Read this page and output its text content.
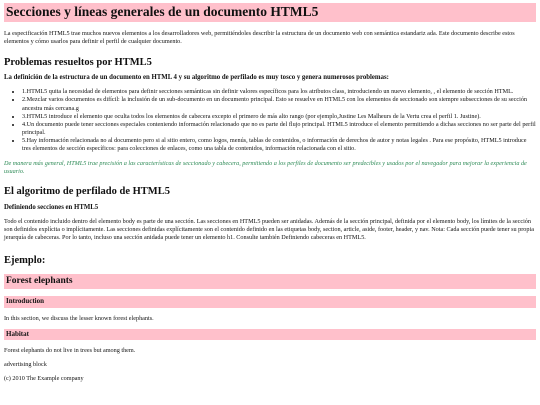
Secciones y líneas generales de un documento HTML5

La especificación HTML5 trae muchos nuevos elementos a los desarrolladores web, permitiéndoles describir la estructura de un documento web con semántica estandariz ada. Este documento describe estos elementos y cómo usarlos para definir el perfil de cualquier documento.

Problemas resueltos por HTML5
La definición de la estructura de un documento en HTML 4 y su algoritmo de perfilado es muy tosco y genera numerosos problemas:
• 1.HTML5 quita la necesidad de elementos para definir secciones semánticas sin definir valores específicos para los atributos class, introduciendo un nuevo elemento, , el elemento de sección HTML.
• 2.Mezclar varios documentos es difícil: la inclusión de un sub-documento en un documento principal. Esto se resuelve en HTML5 con los elementos de seccionado son siempre subsecciones de su sección ancestra más cercana.g
• 3.HTML5 introduce el elemento que oculta todos los elementos de cabecera excepto el primero de más alto rango (por ejemplo,Justine Les Malheurs de la Vertu crea el perfil 1. Justine).
• 4.Un documento puede tener secciones especiales conteniendo información relacionado que no es parte del flujo principal. HTML5 introduce el elemento permitiendo a dichas secciones no ser parte del perfil principal.
• 5.Hay información relacionada no al documento pero si al sitio entero, como logos, menús, tablas de contenidos, o información de derechos de autor y notas legales . Para ese propósito, HTML5 introduce tres elementos de sección específicos: para colecciones de enlaces, como una tabla de contenidos, información relacionada con el sitio.

De manera más general, HTML5 trae precisión a las características de seccionado y cabecera, permitiendo a los perfiles de documento ser predecibles y usados por el navegador para mejorar la experiencia de usuario.

El algoritmo de perfilado de HTML5
Definiendo secciones en HTML5

Todo el contenido incluido dentro del elemento body es parte de una sección. Las secciones en HTML5 pueden ser anidadas. Además de la sección principal, definida por el elemento body, los límites de la sección son definidos explícita o implícitamente. Las secciones definidas explícitamente son el contenido definido en las etiquetas body, section, article, aside, footer, header, y nav. Nota: Cada sección puede tener su propia jerarquía de cabeceras. Por lo tanto, incluso una sección anidada puede tener un elemento h1. Consulte también Definiendo cabeceras en HTML5.

Ejemplo:
Forest elephants
Introduction

In this section, we discuss the lesser known forest elephants.

Habitat

Forest elephants do not live in trees but among them.

advertising block

(c) 2010 The Example company
